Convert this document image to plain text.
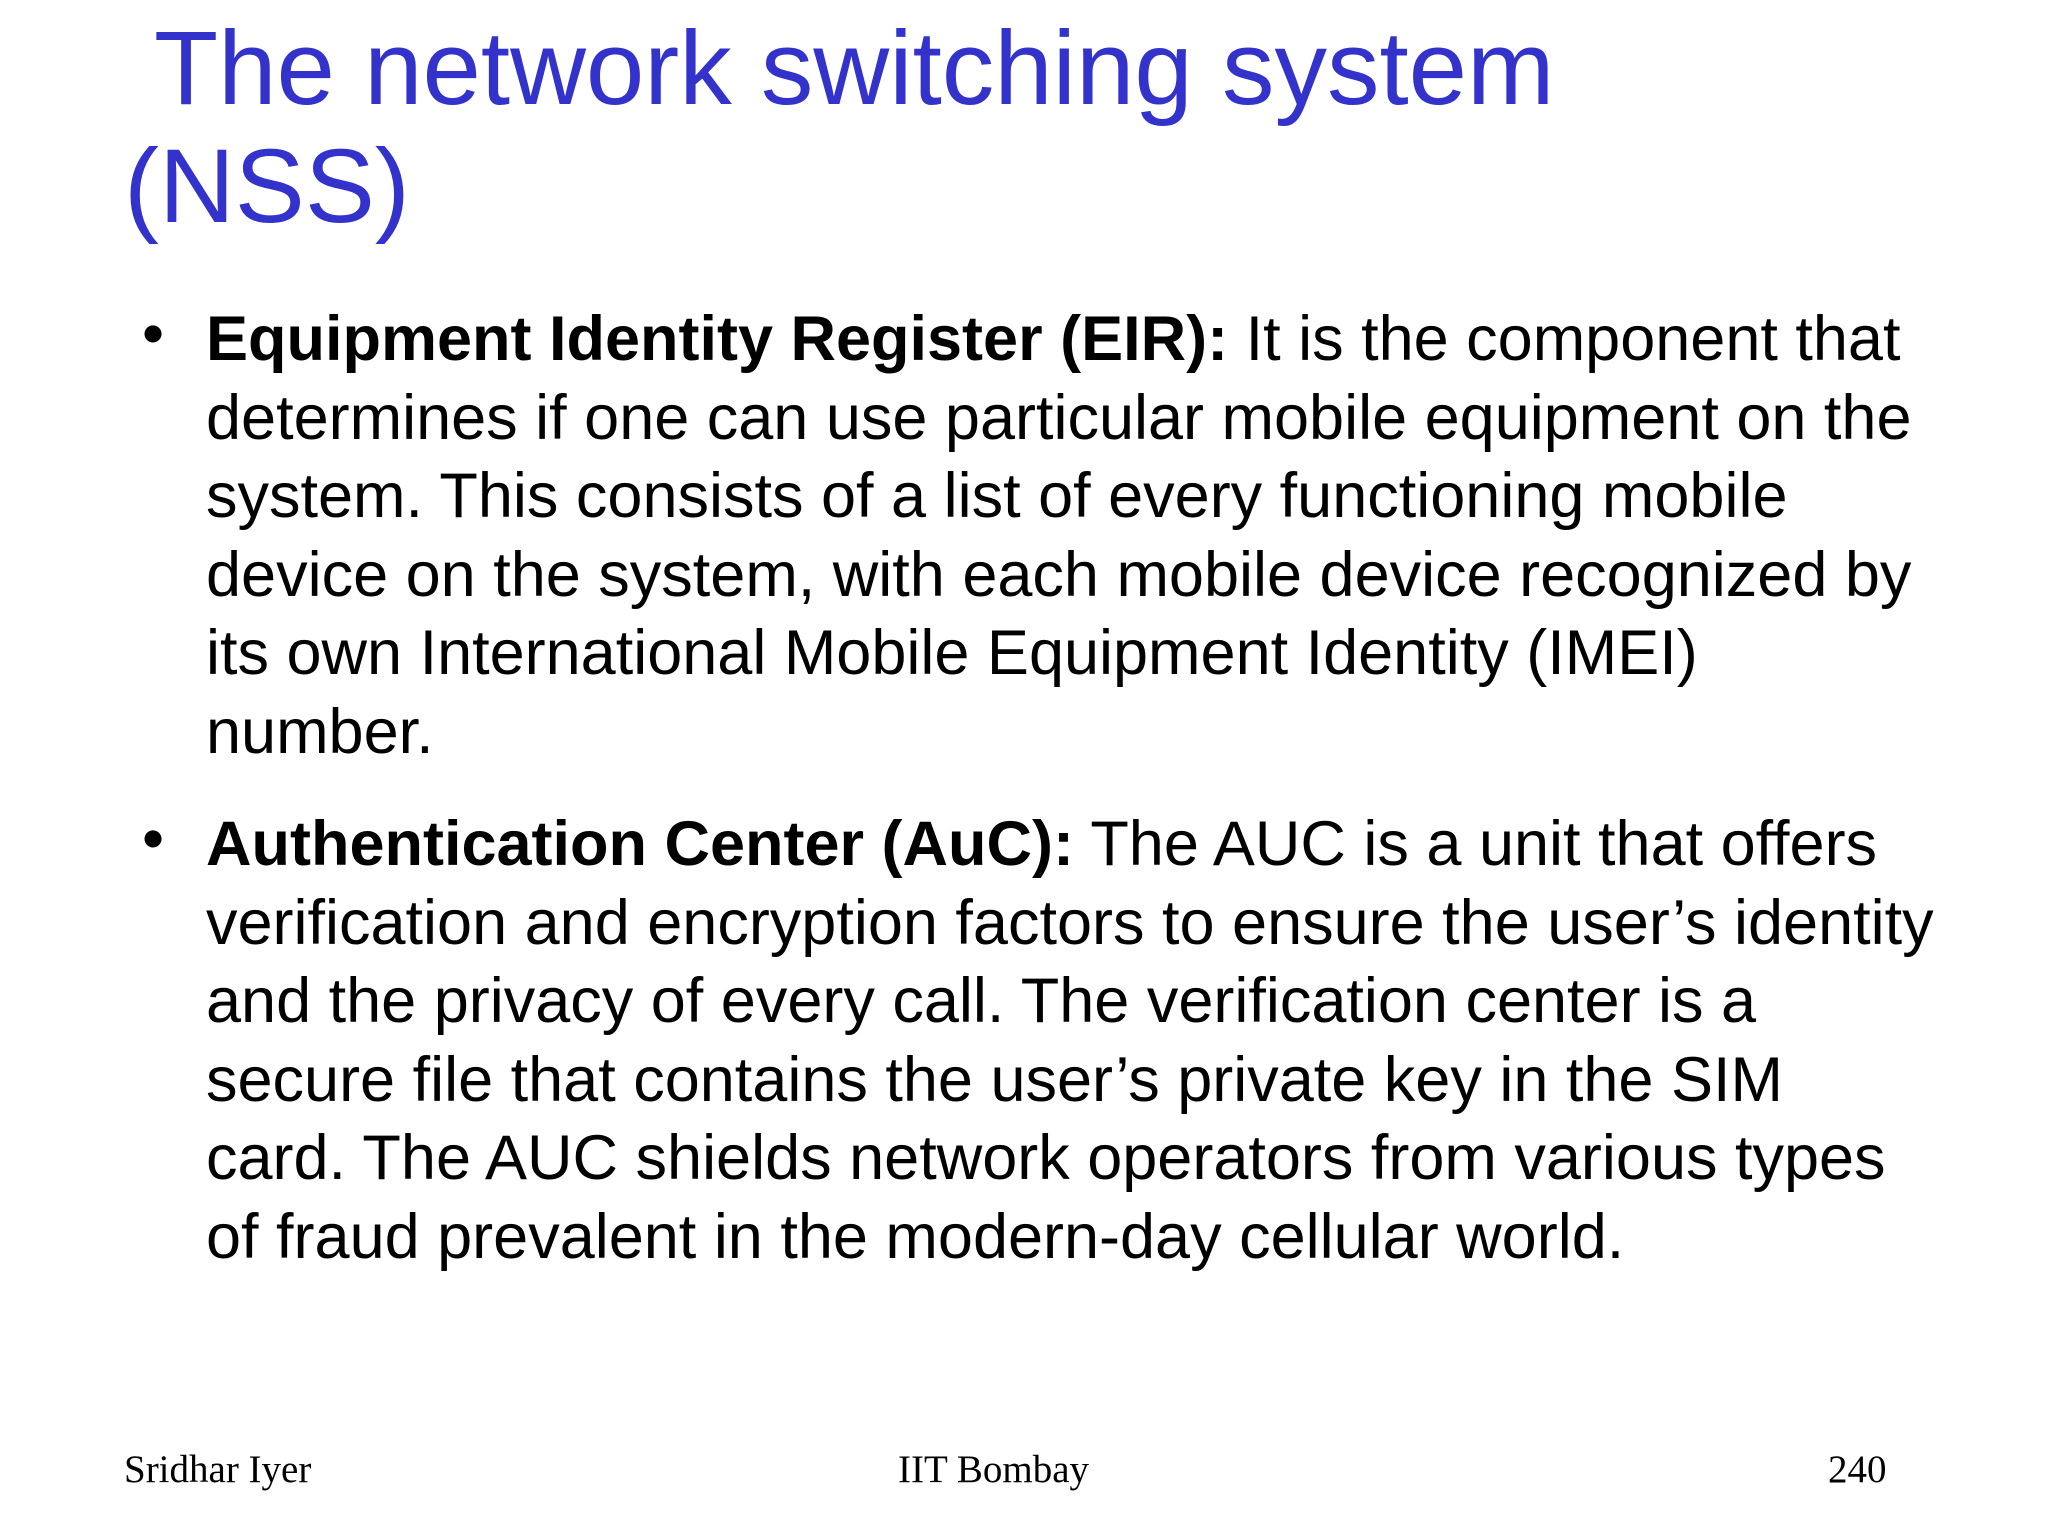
The network switching system
(NSS)
• Equipment Identity Register (EIR): It is the component that determines if one can use particular mobile equipment on the system. This consists of a list of every functioning mobile device on the system, with each mobile device recognized by its own International Mobile Equipment Identity (IMEI) number.
• Authentication Center (AuC): The AUC is a unit that offers verification and encryption factors to ensure the user’s identity and the privacy of every call. The verification center is a secure file that contains the user’s private key in the SIM card. The AUC shields network operators from various types of fraud prevalent in the modern-day cellular world.
Sridhar Iyer	IIT Bombay	240
